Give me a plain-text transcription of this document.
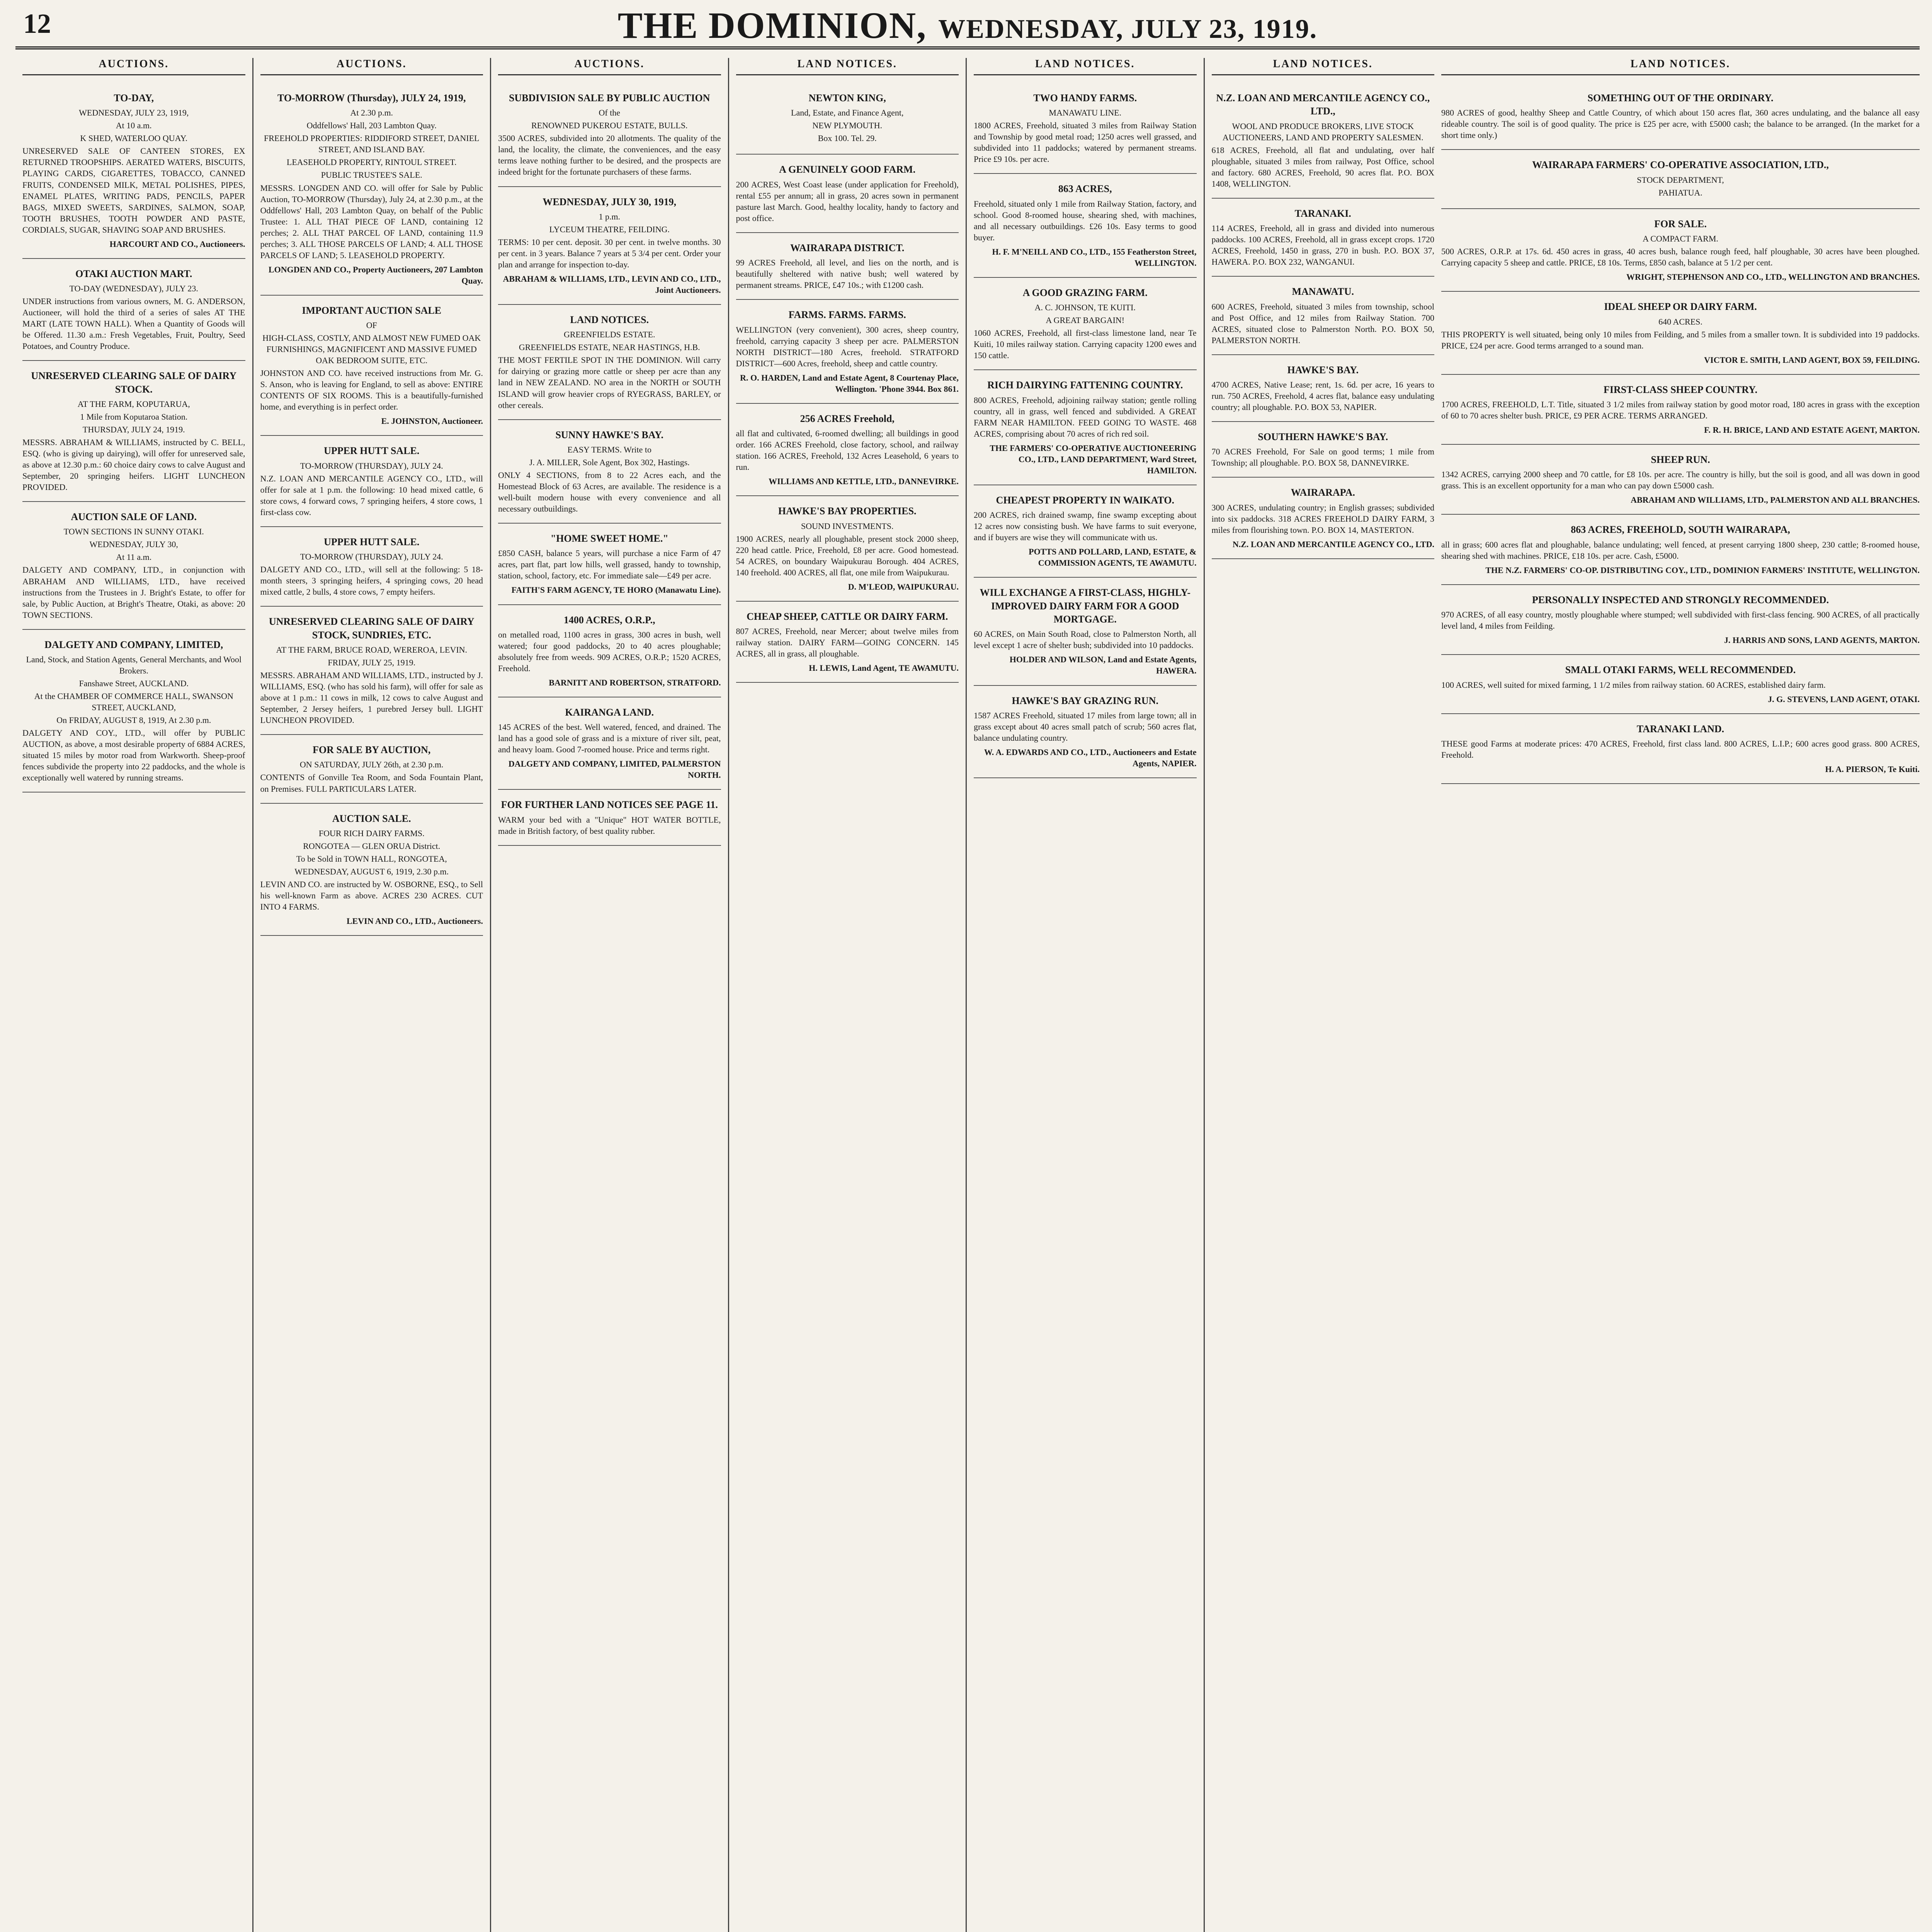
12	THE DOMINION, WEDNESDAY, JULY 23, 1919.
AUCTIONS.
TO-DAY,
WEDNESDAY, JULY 23, 1919,
At 10 a.m.
K SHED, WATERLOO QUAY.
UNRESERVED SALE OF CANTEEN STORES, EX RETURNED TROOPSHIPS. AERATED WATERS, BISCUITS, PLAYING CARDS, CIGARETTES, TOBACCO, CANNED FRUITS, CONDENSED MILK, METAL POLISHES, PIPES, ENAMEL PLATES, WRITING PADS, PENCILS, PAPER BAGS, MIXED SWEETS, SARDINES, SALMON, SOAP, TOOTH BRUSHES, TOOTH POWDER AND PASTE, CORDIALS, SUGAR, SHAVING SOAP AND BRUSHES.
HARCOURT AND CO., Auctioneers.
OTAKI AUCTION MART.
TO-DAY (WEDNESDAY), JULY 23.
UNDER instructions from various owners, M. G. ANDERSON, Auctioneer, will hold the third of a series of sales AT THE MART (LATE TOWN HALL). When a Quantity of Goods will be Offered. 11.30 a.m.: Fresh Vegetables, Fruit, Poultry, Seed Potatoes, and Country Produce.
UNRESERVED CLEARING SALE OF DAIRY STOCK.
AT THE FARM, KOPUTARUA,
1 Mile from Koputaroa Station.
THURSDAY, JULY 24, 1919.
MESSRS. ABRAHAM & WILLIAMS, instructed by C. BELL, ESQ. (who is giving up dairying), will offer for unreserved sale, as above at 12.30 p.m.: 60 choice dairy cows to calve August and September, 20 springing heifers. LIGHT LUNCHEON PROVIDED.
AUCTION SALE OF LAND.
TOWN SECTIONS IN SUNNY OTAKI.
WEDNESDAY, JULY 30,
At 11 a.m.
DALGETY AND COMPANY, LTD., in conjunction with ABRAHAM AND WILLIAMS, LTD., have received instructions from the Trustees in J. Bright's Estate, to offer for sale, by Public Auction, at Bright's Theatre, Otaki, as above: 20 TOWN SECTIONS.
DALGETY AND COMPANY, LIMITED,
Land, Stock, and Station Agents, General Merchants, and Wool Brokers.
Fanshawe Street, AUCKLAND.
At the CHAMBER OF COMMERCE HALL, SWANSON STREET, AUCKLAND,
On FRIDAY, AUGUST 8, 1919, At 2.30 p.m.
DALGETY AND COY., LTD., will offer by PUBLIC AUCTION, as above, a most desirable property of 6884 ACRES, situated 15 miles by motor road from Warkworth. Sheep-proof fences subdivide the property into 22 paddocks, and the whole is exceptionally well watered by running streams.
AUCTIONS.
TO-MORROW (Thursday), JULY 24, 1919,
At 2.30 p.m.
Oddfellows' Hall, 203 Lambton Quay.
FREEHOLD PROPERTIES: RIDDIFORD STREET, DANIEL STREET, AND ISLAND BAY.
LEASEHOLD PROPERTY, RINTOUL STREET.
PUBLIC TRUSTEE'S SALE.
MESSRS. LONGDEN AND CO. will offer for Sale by Public Auction, TO-MORROW (Thursday), July 24, at 2.30 p.m., at the Oddfellows' Hall, 203 Lambton Quay, on behalf of the Public Trustee: 1. ALL THAT PIECE OF LAND, containing 12 perches; 2. ALL THAT PARCEL OF LAND, containing 11.9 perches; 3. ALL THOSE PARCELS OF LAND; 4. ALL THOSE PARCELS OF LAND; 5. LEASEHOLD PROPERTY.
LONGDEN AND CO., Property Auctioneers, 207 Lambton Quay.
IMPORTANT AUCTION SALE
OF
HIGH-CLASS, COSTLY, AND ALMOST NEW FUMED OAK FURNISHINGS, MAGNIFICENT AND MASSIVE FUMED OAK BEDROOM SUITE, ETC.
JOHNSTON AND CO. have received instructions from Mr. G. S. Anson, who is leaving for England, to sell as above: ENTIRE CONTENTS OF SIX ROOMS. This is a beautifully-furnished home, and everything is in perfect order.
E. JOHNSTON, Auctioneer.
UPPER HUTT SALE.
TO-MORROW (THURSDAY), JULY 24.
N.Z. LOAN AND MERCANTILE AGENCY CO., LTD., will offer for sale at 1 p.m. the following: 10 head mixed cattle, 6 store cows, 4 forward cows, 7 springing heifers, 4 store cows, 1 first-class cow.
UPPER HUTT SALE.
TO-MORROW (THURSDAY), JULY 24.
DALGETY AND CO., LTD., will sell at the following: 5 18-month steers, 3 springing heifers, 4 springing cows, 20 head mixed cattle, 2 bulls, 4 store cows, 7 empty heifers.
UNRESERVED CLEARING SALE OF DAIRY STOCK, SUNDRIES, ETC.
AT THE FARM, BRUCE ROAD, WEREROA, LEVIN.
FRIDAY, JULY 25, 1919.
MESSRS. ABRAHAM AND WILLIAMS, LTD., instructed by J. WILLIAMS, ESQ. (who has sold his farm), will offer for sale as above at 1 p.m.: 11 cows in milk, 12 cows to calve August and September, 2 Jersey heifers, 1 purebred Jersey bull. LIGHT LUNCHEON PROVIDED.
FOR SALE BY AUCTION,
ON SATURDAY, JULY 26th, at 2.30 p.m.
CONTENTS of Gonville Tea Room, and Soda Fountain Plant, on Premises. FULL PARTICULARS LATER.
AUCTION SALE.
FOUR RICH DAIRY FARMS.
RONGOTEA — GLEN ORUA District.
To be Sold in TOWN HALL, RONGOTEA,
WEDNESDAY, AUGUST 6, 1919, 2.30 p.m.
LEVIN AND CO. are instructed by W. OSBORNE, ESQ., to Sell his well-known Farm as above. ACRES 230 ACRES. CUT INTO 4 FARMS.
LEVIN AND CO., LTD., Auctioneers.
AUCTIONS.
SUBDIVISION SALE BY PUBLIC AUCTION
Of the
RENOWNED PUKEROU ESTATE, BULLS.
3500 ACRES, subdivided into 20 allotments. The quality of the land, the locality, the climate, the conveniences, and the easy terms leave nothing further to be desired, and the prospects are indeed bright for the fortunate purchasers of these farms.
WEDNESDAY, JULY 30, 1919,
1 p.m.
LYCEUM THEATRE, FEILDING.
TERMS: 10 per cent. deposit. 30 per cent. in twelve months. 30 per cent. in 3 years. Balance 7 years at 5 3/4 per cent. Order your plan and arrange for inspection to-day.
ABRAHAM & WILLIAMS, LTD., LEVIN AND CO., LTD., Joint Auctioneers.
LAND NOTICES.
GREENFIELDS ESTATE.
GREENFIELDS ESTATE, NEAR HASTINGS, H.B.
THE MOST FERTILE SPOT IN THE DOMINION. Will carry for dairying or grazing more cattle or sheep per acre than any land in NEW ZEALAND. NO area in the NORTH or SOUTH ISLAND will grow heavier crops of RYEGRASS, BARLEY, or other cereals.
SUNNY HAWKE'S BAY.
EASY TERMS. Write to
J. A. MILLER, Sole Agent, Box 302, Hastings.
ONLY 4 SECTIONS, from 8 to 22 Acres each, and the Homestead Block of 63 Acres, are available. The residence is a well-built modern house with every convenience and all necessary outbuildings.
"HOME SWEET HOME."
£850 CASH, balance 5 years, will purchase a nice Farm of 47 acres, part flat, part low hills, well grassed, handy to township, station, school, factory, etc. For immediate sale—£49 per acre.
FAITH'S FARM AGENCY, TE HORO (Manawatu Line).
1400 ACRES, O.R.P.,
on metalled road, 1100 acres in grass, 300 acres in bush, well watered; four good paddocks, 20 to 40 acres ploughable; absolutely free from weeds. 909 ACRES, O.R.P.; 1520 ACRES, Freehold.
BARNITT AND ROBERTSON, STRATFORD.
KAIRANGA LAND.
145 ACRES of the best. Well watered, fenced, and drained. The land has a good sole of grass and is a mixture of river silt, peat, and heavy loam. Good 7-roomed house. Price and terms right.
DALGETY AND COMPANY, LIMITED, PALMERSTON NORTH.
FOR FURTHER LAND NOTICES SEE PAGE 11.
WARM your bed with a "Unique" HOT WATER BOTTLE, made in British factory, of best quality rubber.
LAND NOTICES.
NEWTON KING,
Land, Estate, and Finance Agent,
NEW PLYMOUTH.
Box 100. Tel. 29.
A GENUINELY GOOD FARM.
200 ACRES, West Coast lease (under application for Freehold), rental £55 per annum; all in grass, 20 acres sown in permanent pasture last March. Good, healthy locality, handy to factory and post office.
WAIRARAPA DISTRICT.
99 ACRES Freehold, all level, and lies on the north, and is beautifully sheltered with native bush; well watered by permanent streams. PRICE, £47 10s.; with £1200 cash.
FARMS. FARMS. FARMS.
WELLINGTON (very convenient), 300 acres, sheep country, freehold, carrying capacity 3 sheep per acre. PALMERSTON NORTH DISTRICT—180 Acres, freehold. STRATFORD DISTRICT—600 Acres, freehold, sheep and cattle country.
R. O. HARDEN, Land and Estate Agent, 8 Courtenay Place, Wellington. 'Phone 3944. Box 861.
256 ACRES Freehold,
all flat and cultivated, 6-roomed dwelling; all buildings in good order. 166 ACRES Freehold, close factory, school, and railway station. 166 ACRES, Freehold, 132 Acres Leasehold, 6 years to run.
WILLIAMS AND KETTLE, LTD., DANNEVIRKE.
HAWKE'S BAY PROPERTIES.
SOUND INVESTMENTS.
1900 ACRES, nearly all ploughable, present stock 2000 sheep, 220 head cattle. Price, Freehold, £8 per acre. Good homestead. 54 ACRES, on boundary Waipukurau Borough. 404 ACRES, 140 freehold. 400 ACRES, all flat, one mile from Waipukurau.
D. M'LEOD, WAIPUKURAU.
CHEAP SHEEP, CATTLE OR DAIRY FARM.
807 ACRES, Freehold, near Mercer; about twelve miles from railway station. DAIRY FARM—GOING CONCERN. 145 ACRES, all in grass, all ploughable.
H. LEWIS, Land Agent, TE AWAMUTU.
LAND NOTICES.
TWO HANDY FARMS.
MANAWATU LINE.
1800 ACRES, Freehold, situated 3 miles from Railway Station and Township by good metal road; 1250 acres well grassed, and subdivided into 11 paddocks; watered by permanent streams. Price £9 10s. per acre.
863 ACRES,
Freehold, situated only 1 mile from Railway Station, factory, and school. Good 8-roomed house, shearing shed, with machines, and all necessary outbuildings. £26 10s. Easy terms to good buyer.
H. F. M'NEILL AND CO., LTD., 155 Featherston Street, WELLINGTON.
A GOOD GRAZING FARM.
A. C. JOHNSON, TE KUITI.
A GREAT BARGAIN!
1060 ACRES, Freehold, all first-class limestone land, near Te Kuiti, 10 miles railway station. Carrying capacity 1200 ewes and 150 cattle.
RICH DAIRYING FATTENING COUNTRY.
800 ACRES, Freehold, adjoining railway station; gentle rolling country, all in grass, well fenced and subdivided. A GREAT FARM NEAR HAMILTON. FEED GOING TO WASTE. 468 ACRES, comprising about 70 acres of rich red soil.
THE FARMERS' CO-OPERATIVE AUCTIONEERING CO., LTD., LAND DEPARTMENT, Ward Street, HAMILTON.
CHEAPEST PROPERTY IN WAIKATO.
200 ACRES, rich drained swamp, fine swamp excepting about 12 acres now consisting bush. We have farms to suit everyone, and if buyers are wise they will communicate with us.
POTTS AND POLLARD, LAND, ESTATE, & COMMISSION AGENTS, TE AWAMUTU.
WILL EXCHANGE A FIRST-CLASS, HIGHLY-IMPROVED DAIRY FARM FOR A GOOD MORTGAGE.
60 ACRES, on Main South Road, close to Palmerston North, all level except 1 acre of shelter bush; subdivided into 10 paddocks.
HOLDER AND WILSON, Land and Estate Agents, HAWERA.
HAWKE'S BAY GRAZING RUN.
1587 ACRES Freehold, situated 17 miles from large town; all in grass except about 40 acres small patch of scrub; 560 acres flat, balance undulating country.
W. A. EDWARDS AND CO., LTD., Auctioneers and Estate Agents, NAPIER.
LAND NOTICES.
N.Z. LOAN AND MERCANTILE AGENCY CO., LTD.,
WOOL AND PRODUCE BROKERS, LIVE STOCK AUCTIONEERS, LAND AND PROPERTY SALESMEN.
618 ACRES, Freehold, all flat and undulating, over half ploughable, situated 3 miles from railway, Post Office, school and factory. 680 ACRES, Freehold, 90 acres flat. P.O. BOX 1408, WELLINGTON.
TARANAKI.
114 ACRES, Freehold, all in grass and divided into numerous paddocks. 100 ACRES, Freehold, all in grass except crops. 1720 ACRES, Freehold, 1450 in grass, 270 in bush. P.O. BOX 37, HAWERA. P.O. BOX 232, WANGANUI.
MANAWATU.
600 ACRES, Freehold, situated 3 miles from township, school and Post Office, and 12 miles from Railway Station. 700 ACRES, situated close to Palmerston North. P.O. BOX 50, PALMERSTON NORTH.
HAWKE'S BAY.
4700 ACRES, Native Lease; rent, 1s. 6d. per acre, 16 years to run. 750 ACRES, Freehold, 4 acres flat, balance easy undulating country; all ploughable. P.O. BOX 53, NAPIER.
SOUTHERN HAWKE'S BAY.
70 ACRES Freehold, For Sale on good terms; 1 mile from Township; all ploughable. P.O. BOX 58, DANNEVIRKE.
WAIRARAPA.
300 ACRES, undulating country; in English grasses; subdivided into six paddocks. 318 ACRES FREEHOLD DAIRY FARM, 3 miles from flourishing town. P.O. BOX 14, MASTERTON.
N.Z. LOAN AND MERCANTILE AGENCY CO., LTD.
LAND NOTICES.
SOMETHING OUT OF THE ORDINARY.
980 ACRES of good, healthy Sheep and Cattle Country, of which about 150 acres flat, 360 acres undulating, and the balance all easy rideable country. The soil is of good quality. The price is £25 per acre, with £5000 cash; the balance to be arranged. (In the market for a short time only.)
WAIRARAPA FARMERS' CO-OPERATIVE ASSOCIATION, LTD.,
STOCK DEPARTMENT,
PAHIATUA.
FOR SALE.
A COMPACT FARM.
500 ACRES, O.R.P. at 17s. 6d. 450 acres in grass, 40 acres bush, balance rough feed, half ploughable, 30 acres have been ploughed. Carrying capacity 5 sheep and cattle. PRICE, £8 10s. Terms, £850 cash, balance at 5 1/2 per cent.
WRIGHT, STEPHENSON AND CO., LTD., WELLINGTON AND BRANCHES.
IDEAL SHEEP OR DAIRY FARM.
640 ACRES.
THIS PROPERTY is well situated, being only 10 miles from Feilding, and 5 miles from a smaller town. It is subdivided into 19 paddocks. PRICE, £24 per acre. Good terms arranged to a sound man.
VICTOR E. SMITH, LAND AGENT, BOX 59, FEILDING.
FIRST-CLASS SHEEP COUNTRY.
1700 ACRES, FREEHOLD, L.T. Title, situated 3 1/2 miles from railway station by good motor road, 180 acres in grass with the exception of 60 to 70 acres shelter bush. PRICE, £9 PER ACRE. TERMS ARRANGED.
F. R. H. BRICE, LAND AND ESTATE AGENT, MARTON.
SHEEP RUN.
1342 ACRES, carrying 2000 sheep and 70 cattle, for £8 10s. per acre. The country is hilly, but the soil is good, and all was down in good grass. This is an excellent opportunity for a man who can pay down £5000 cash.
ABRAHAM AND WILLIAMS, LTD., PALMERSTON AND ALL BRANCHES.
863 ACRES, FREEHOLD, SOUTH WAIRARAPA,
all in grass; 600 acres flat and ploughable, balance undulating; well fenced, at present carrying 1800 sheep, 230 cattle; 8-roomed house, shearing shed with machines. PRICE, £18 10s. per acre. Cash, £5000.
THE N.Z. FARMERS' CO-OP. DISTRIBUTING COY., LTD., DOMINION FARMERS' INSTITUTE, WELLINGTON.
PERSONALLY INSPECTED AND STRONGLY RECOMMENDED.
970 ACRES, of all easy country, mostly ploughable where stumped; well subdivided with first-class fencing. 900 ACRES, of all practically level land, 4 miles from Feilding.
J. HARRIS AND SONS, LAND AGENTS, MARTON.
SMALL OTAKI FARMS, WELL RECOMMENDED.
100 ACRES, well suited for mixed farming, 1 1/2 miles from railway station. 60 ACRES, established dairy farm.
J. G. STEVENS, LAND AGENT, OTAKI.
TARANAKI LAND.
THESE good Farms at moderate prices: 470 ACRES, Freehold, first class land. 800 ACRES, L.I.P.; 600 acres good grass. 800 ACRES, Freehold.
H. A. PIERSON, Te Kuiti.
